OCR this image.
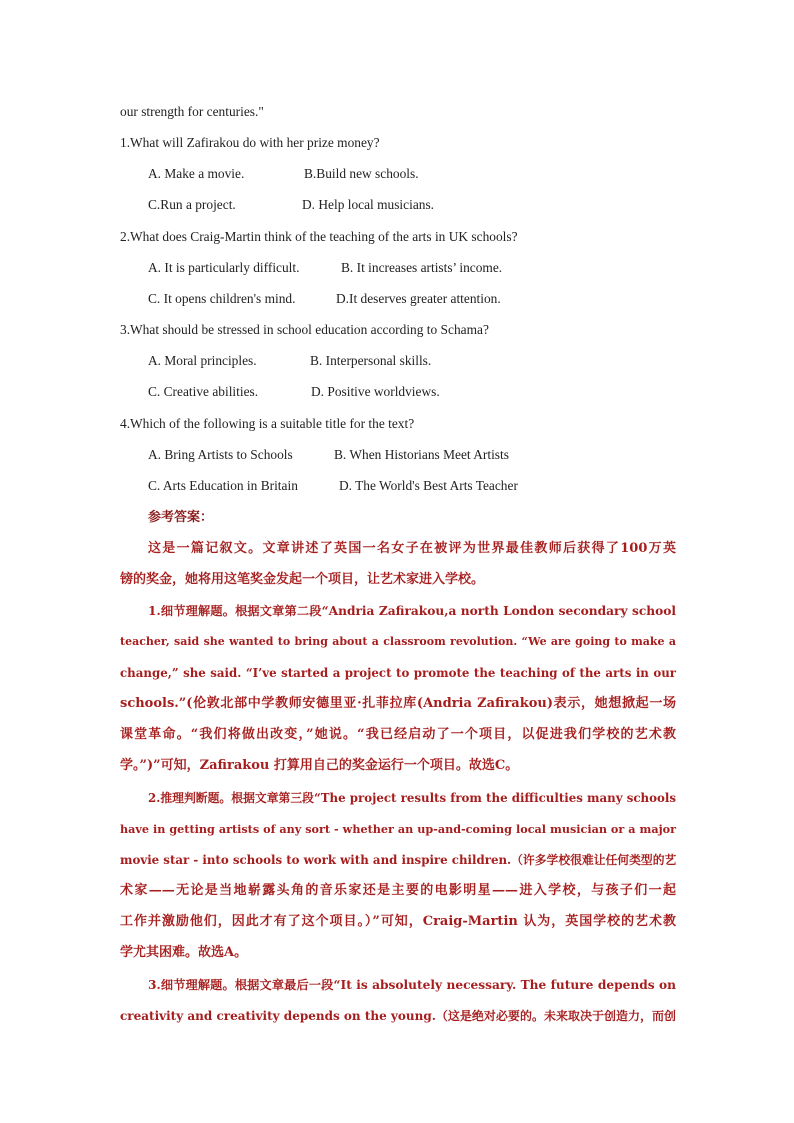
our strength for centuries."

1.What will Zafirakou do with her prize money?

A. Make a movie.	B.Build new schools.

C.Run a project.	D. Help local musicians.

2.What does Craig-Martin think of the teaching of the arts in UK schools?

A. It is particularly difficult.	B. It increases artists’ income.

C. It opens children's mind.	D.It deserves greater attention.

3.What should be stressed in school education according to Schama?

A. Moral principles.	B. Interpersonal skills.

C. Creative abilities.	D. Positive worldviews.

4.Which of the following is a suitable title for the text?

A. Bring Artists to Schools	B. When Historians Meet Artists

C. Arts Education in Britain	D. The World's Best Arts Teacher

参考答案：

这是一篇记叙文。文章讲述了英国一名女子在被评为世界最佳教师后获得了100万英

镑的奖金，她将用这笔奖金发起一个项目，让艺术家进入学校。

1.细节理解题。根据文章第二段“Andria Zafirakou,a north London secondary school

teacher, said she wanted to bring about a classroom revolution. “We are going to make a

change,” she said. “I’ve started a project to promote the teaching of the arts in our

schools.”(伦敦北部中学教师安德里亚·扎菲拉库(Andria Zafirakou)表示，她想掀起一场

课堂革命。“我们将做出改变，”她说。“我已经启动了一个项目，以促进我们学校的艺术教

学。”)”可知，Zafirakou 打算用自己的奖金运行一个项目。故选C。

2.推理判断题。根据文章第三段“The project results from the difficulties many schools

have in getting artists of any sort - whether an up-and-coming local musician or a major

movie star - into schools to work with and inspire children.（许多学校很难让任何类型的艺

术家——无论是当地崭露头角的音乐家还是主要的电影明星——进入学校，与孩子们一起

工作并激励他们，因此才有了这个项目。）”可知，Craig-Martin 认为，英国学校的艺术教

学尤其困难。故选A。

3.细节理解题。根据文章最后一段“It is absolutely necessary. The future depends on

creativity and creativity depends on the young.（这是绝对必要的。未来取决于创造力，而创
